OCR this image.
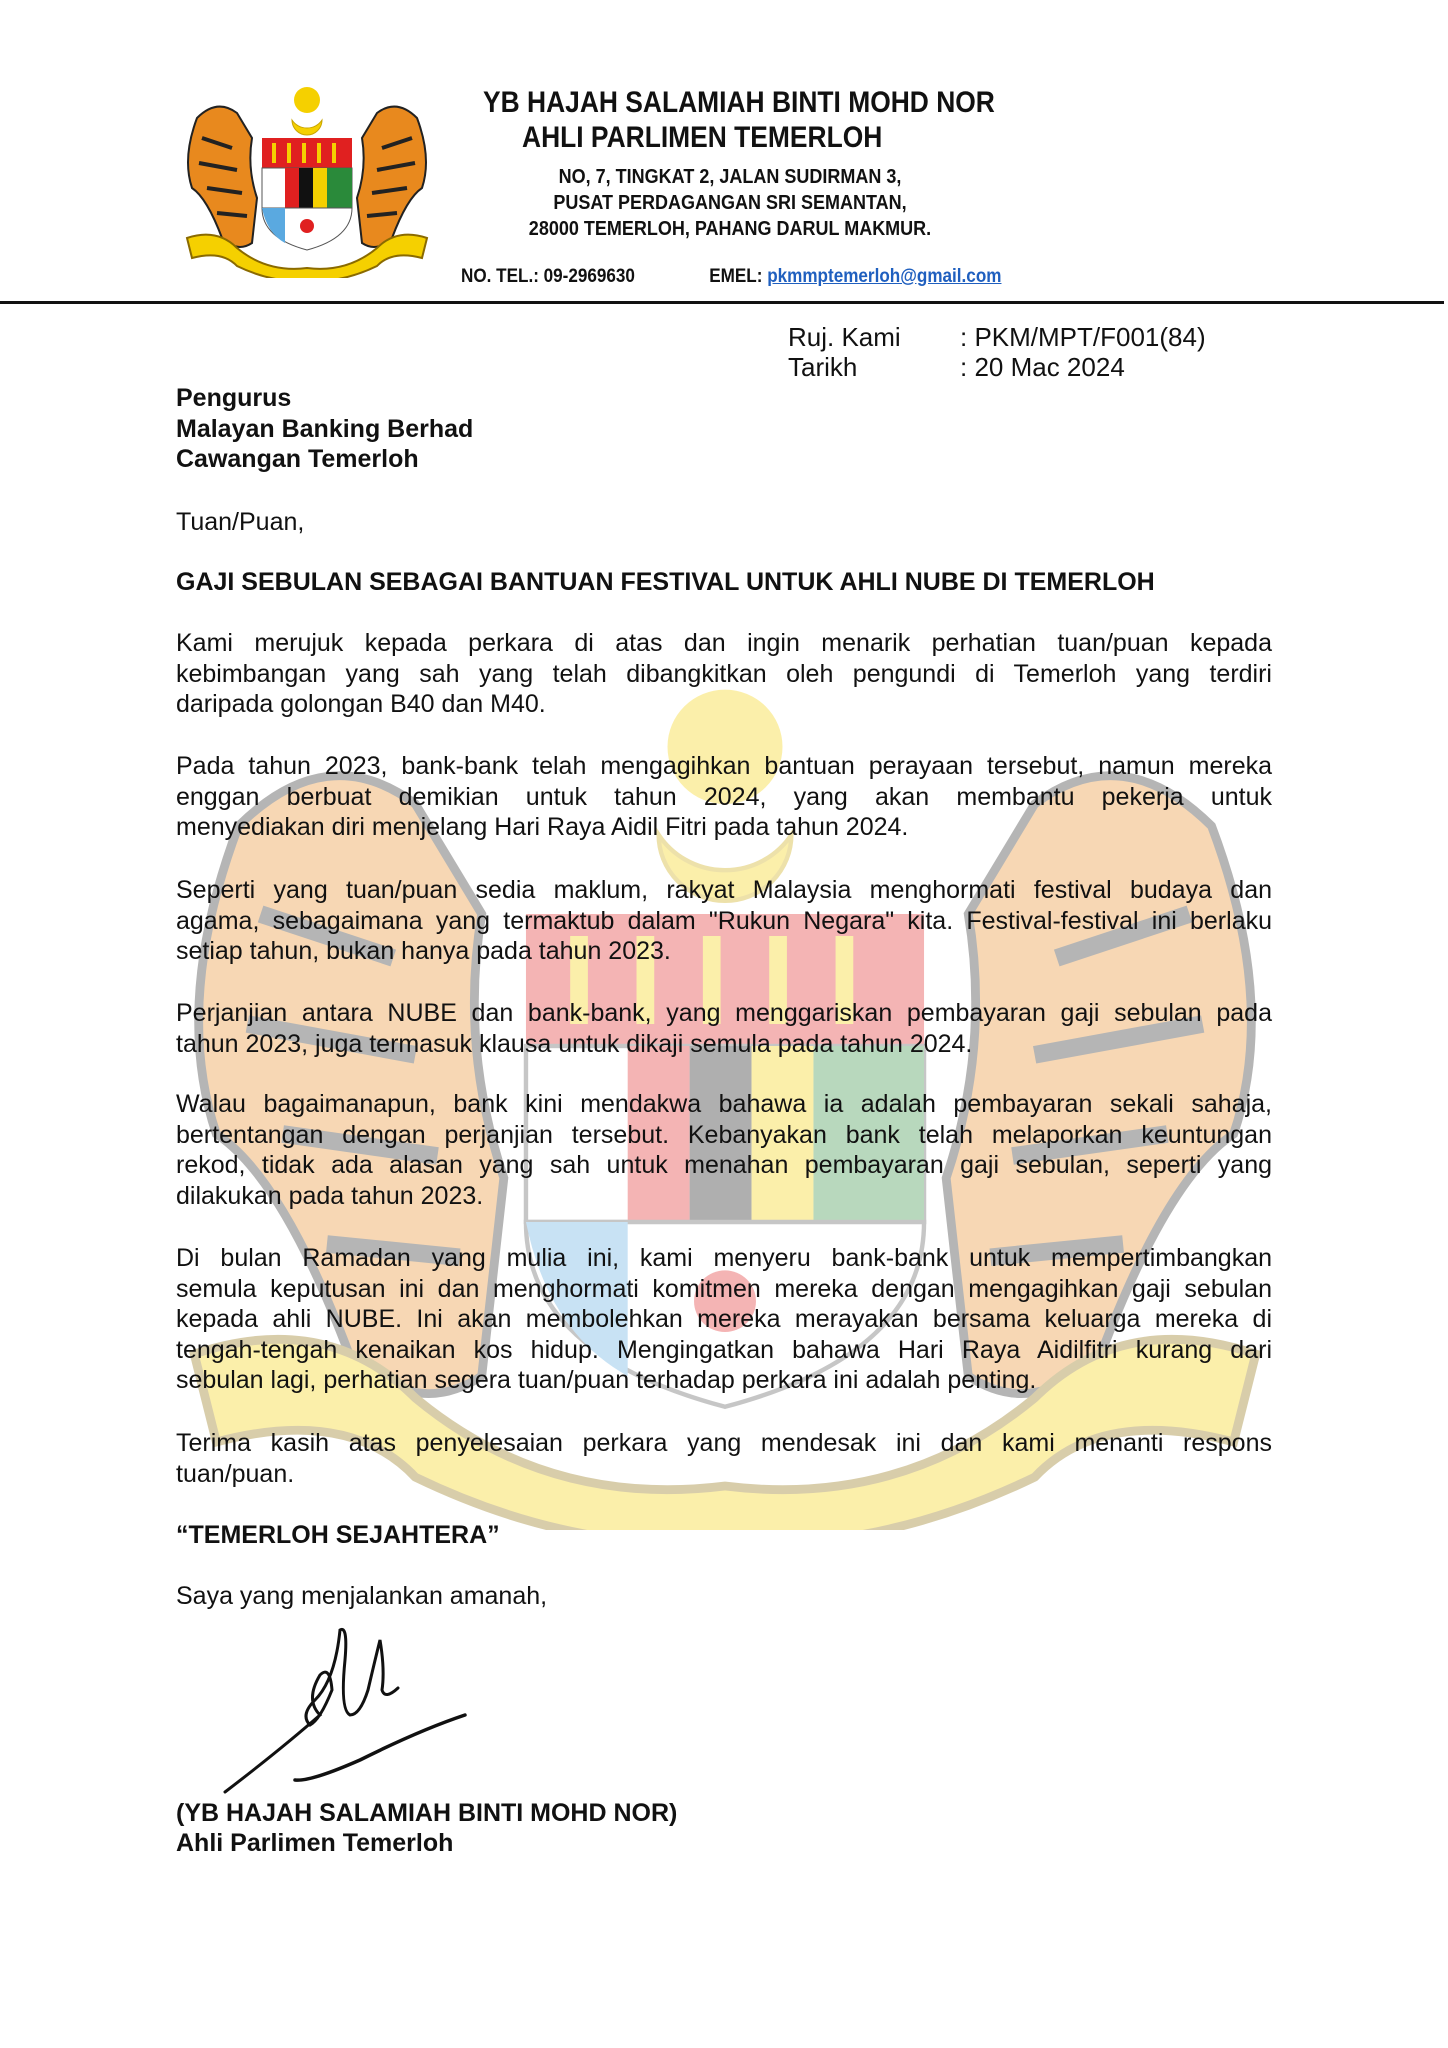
YB HAJAH SALAMIAH BINTI MOHD NOR
AHLI PARLIMEN TEMERLOH
NO, 7, TINGKAT 2, JALAN SUDIRMAN 3,
PUSAT PERDAGANGAN SRI SEMANTAN,
28000 TEMERLOH, PAHANG DARUL MAKMUR.
NO. TEL.: 09-2969630	EMEL: pkmmptemerloh@gmail.com
Ruj. Kami : PKM/MPT/F001(84)
Tarikh	: 20 Mac 2024
Pengurus
Malayan Banking Berhad
Cawangan Temerloh
Tuan/Puan,
GAJI SEBULAN SEBAGAI BANTUAN FESTIVAL UNTUK AHLI NUBE DI TEMERLOH
Kami merujuk kepada perkara di atas dan ingin menarik perhatian tuan/puan kepada
kebimbangan yang sah yang telah dibangkitkan oleh pengundi di Temerloh yang terdiri
daripada golongan B40 dan M40.
Pada tahun 2023, bank-bank telah mengagihkan bantuan perayaan tersebut, namun mereka
enggan berbuat demikian untuk tahun 2024, yang akan membantu pekerja untuk
menyediakan diri menjelang Hari Raya Aidil Fitri pada tahun 2024.
Seperti yang tuan/puan sedia maklum, rakyat Malaysia menghormati festival budaya dan
agama, sebagaimana yang termaktub dalam "Rukun Negara" kita. Festival-festival ini berlaku
setiap tahun, bukan hanya pada tahun 2023.
Perjanjian antara NUBE dan bank-bank, yang menggariskan pembayaran gaji sebulan pada
tahun 2023, juga termasuk klausa untuk dikaji semula pada tahun 2024.
Walau bagaimanapun, bank kini mendakwa bahawa ia adalah pembayaran sekali sahaja,
bertentangan dengan perjanjian tersebut. Kebanyakan bank telah melaporkan keuntungan
rekod, tidak ada alasan yang sah untuk menahan pembayaran gaji sebulan, seperti yang
dilakukan pada tahun 2023.
Di bulan Ramadan yang mulia ini, kami menyeru bank-bank untuk mempertimbangkan
semula keputusan ini dan menghormati komitmen mereka dengan mengagihkan gaji sebulan
kepada ahli NUBE. Ini akan membolehkan mereka merayakan bersama keluarga mereka di
tengah-tengah kenaikan kos hidup. Mengingatkan bahawa Hari Raya Aidilfitri kurang dari
sebulan lagi, perhatian segera tuan/puan terhadap perkara ini adalah penting.
Terima kasih atas penyelesaian perkara yang mendesak ini dan kami menanti respons
tuan/puan.
“TEMERLOH SEJAHTERA”
Saya yang menjalankan amanah,
(YB HAJAH SALAMIAH BINTI MOHD NOR)
Ahli Parlimen Temerloh
